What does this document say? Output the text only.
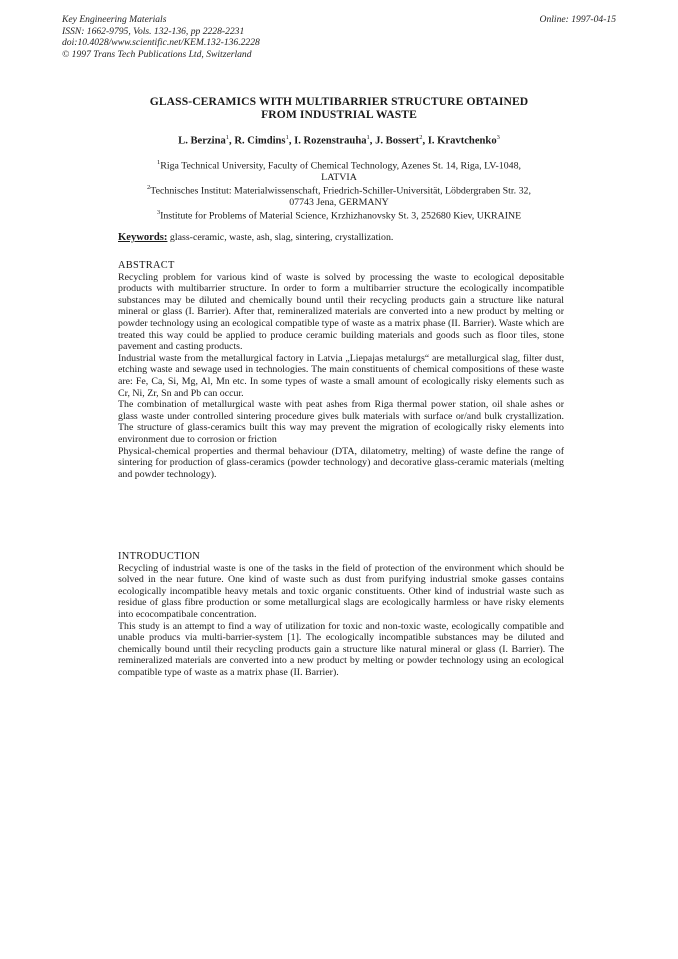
Key Engineering Materials
ISSN: 1662-9795, Vols. 132-136, pp 2228-2231
doi:10.4028/www.scientific.net/KEM.132-136.2228
© 1997 Trans Tech Publications Ltd, Switzerland
Online: 1997-04-15
GLASS-CERAMICS WITH MULTIBARRIER STRUCTURE OBTAINED
FROM INDUSTRIAL WASTE
L. Berzina$^1$, R. Cimdins$^1$, I. Rozenstrauha$^1$, J. Bossert$^2$, I. Kravtchenko$^3$
$^1$Riga Technical University, Faculty of Chemical Technology, Azenes St. 14, Riga, LV-1048,
LATVIA
$^2$Technisches Institut: Materialwissenschaft, Friedrich-Schiller-Universität, Löbdergraben Str. 32,
07743 Jena, GERMANY
$^3$Institute for Problems of Material Science, Krzhizhanovsky St. 3, 252680 Kiev, UKRAINE
Keywords: glass-ceramic, waste, ash, slag, sintering, crystallization.
ABSTRACT

Recycling problem for various kind of waste is solved by processing the waste to ecological depositable products with multibarrier structure. In order to form a multibarrier structure the ecologically incompatible substances may be diluted and chemically bound until their recycling products gain a structure like natural mineral or glass (I. Barrier). After that, remineralized materials are converted into a new product by melting or powder technology using an ecological compatible type of waste as a matrix phase (II. Barrier). Waste which are treated this way could be applied to produce ceramic building materials and goods such as floor tiles, stone pavement and casting products.

Industrial waste from the metallurgical factory in Latvia „Liepajas metalurgs“ are metallurgical slag, filter dust, etching waste and sewage used in technologies. The main constituents of chemical compositions of these waste are: Fe, Ca, Si, Mg, Al, Mn etc. In some types of waste a small amount of ecologically risky elements such as Cr, Ni, Zr, Sn and Pb can occur.

The combination of metallurgical waste with peat ashes from Riga thermal power station, oil shale ashes or glass waste under controlled sintering procedure gives bulk materials with surface or/and bulk crystallization. The structure of glass-ceramics built this way may prevent the migration of ecologically risky elements into environment due to corrosion or friction

Physical-chemical properties and thermal behaviour (DTA, dilatometry, melting) of waste define the range of sintering for production of glass-ceramics (powder technology) and decorative glass-ceramic materials (melting and powder technology).

INTRODUCTION

Recycling of industrial waste is one of the tasks in the field of protection of the environment which should be solved in the near future. One kind of waste such as dust from purifying industrial smoke gasses contains ecologically incompatible heavy metals and toxic organic constituents. Other kind of industrial waste such as residue of glass fibre production or some metallurgical slags are ecologically harmless or have risky elements into ecocompatibale concentration.

This study is an attempt to find a way of utilization for toxic and non-toxic waste, ecologically compatible and unable producs via multi-barrier-system [1]. The ecologically incompatible substances may be diluted and chemically bound until their recycling products gain a structure like natural mineral or glass (I. Barrier). The remineralized materials are converted into a new product by melting or powder technology using an ecological compatible type of waste as a matrix phase (II. Barrier).
